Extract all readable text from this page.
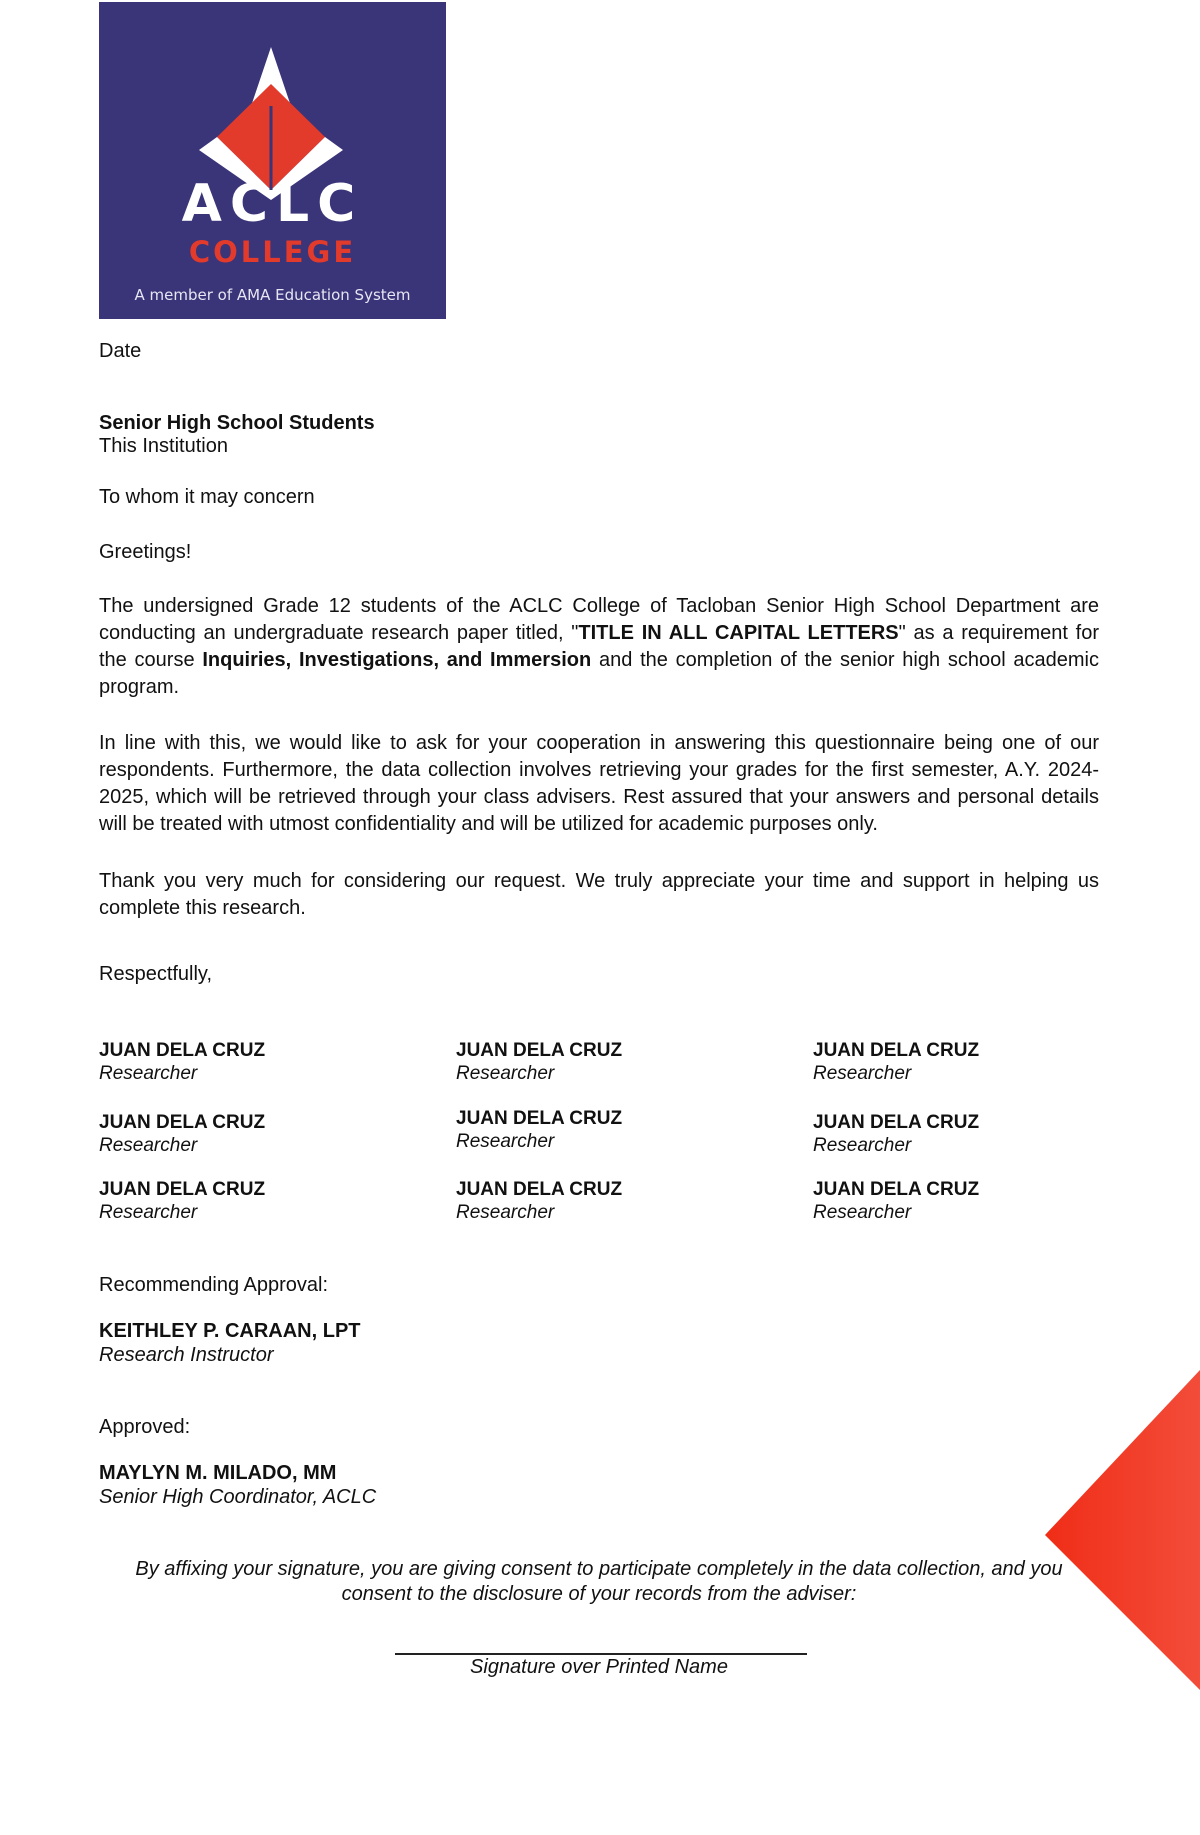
ACLC
COLLEGE
A member of AMA Education System
Date
Senior High School Students
This Institution
To whom it may concern
Greetings!
The undersigned Grade 12 students of the ACLC College of Tacloban Senior High School Department are conducting an undergraduate research paper titled, "TITLE IN ALL CAPITAL LETTERS" as a requirement for the course Inquiries, Investigations, and Immersion and the completion of the senior high school academic program.
In line with this, we would like to ask for your cooperation in answering this questionnaire being one of our respondents. Furthermore, the data collection involves retrieving your grades for the first semester, A.Y. 2024-2025, which will be retrieved through your class advisers. Rest assured that your answers and personal details will be treated with utmost confidentiality and will be utilized for academic purposes only.
Thank you very much for considering our request. We truly appreciate your time and support in helping us complete this research.
Respectfully,
JUAN DELA CRUZ
Researcher
JUAN DELA CRUZ
Researcher
JUAN DELA CRUZ
Researcher
JUAN DELA CRUZ
Researcher
JUAN DELA CRUZ
Researcher
JUAN DELA CRUZ
Researcher
JUAN DELA CRUZ
Researcher
JUAN DELA CRUZ
Researcher
JUAN DELA CRUZ
Researcher
Recommending Approval:
KEITHLEY P. CARAAN, LPT
Research Instructor
Approved:
MAYLYN M. MILADO, MM
Senior High Coordinator, ACLC
By affixing your signature, you are giving consent to participate completely in the data collection, and you
consent to the disclosure of your records from the adviser:
Signature over Printed Name
